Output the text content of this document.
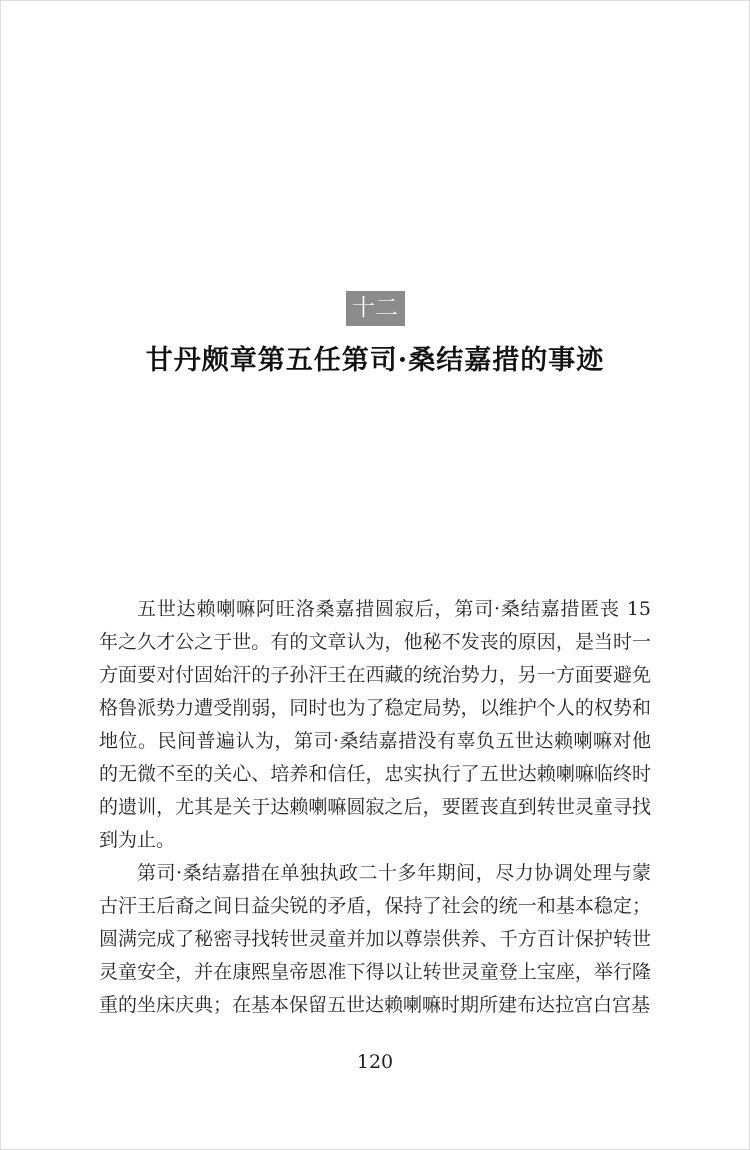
十二
甘丹颇章第五任第司·桑结嘉措的事迹

五世达赖喇嘛阿旺洛桑嘉措圆寂后，第司·桑结嘉措匿丧 15 年之久才公之于世。有的文章认为，他秘不发丧的原因，是当时一方面要对付固始汗的子孙汗王在西藏的统治势力，另一方面要避免格鲁派势力遭受削弱，同时也为了稳定局势，以维护个人的权势和地位。民间普遍认为，第司·桑结嘉措没有辜负五世达赖喇嘛对他的无微不至的关心、培养和信任，忠实执行了五世达赖喇嘛临终时的遗训，尤其是关于达赖喇嘛圆寂之后，要匿丧直到转世灵童寻找到为止。

第司·桑结嘉措在单独执政二十多年期间，尽力协调处理与蒙古汗王后裔之间日益尖锐的矛盾，保持了社会的统一和基本稳定；圆满完成了秘密寻找转世灵童并加以尊崇供养、千方百计保护转世灵童安全，并在康熙皇帝恩准下得以让转世灵童登上宝座，举行隆重的坐床庆典；在基本保留五世达赖喇嘛时期所建布达拉宫白宫基

120
